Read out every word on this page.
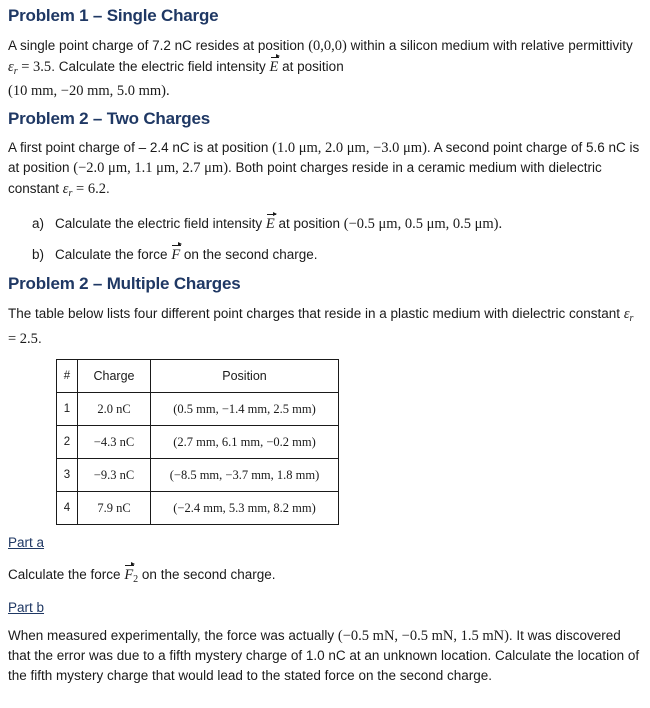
Problem 1 – Single Charge

A single point charge of 7.2 nC resides at position (0,0,0) within a silicon medium with relative permittivity $\varepsilon_r = 3.5$. Calculate the electric field intensity E at position
(10 mm, −20 mm, 5.0 mm).

Problem 2 – Two Charges

A first point charge of – 2.4 nC is at position (1.0 μm, 2.0 μm, −3.0 μm). A second point charge of 5.6 nC is at position (−2.0 μm, 1.1 μm, 2.7 μm). Both point charges reside in a ceramic medium with dielectric constant $\varepsilon_r = 6.2$.

a) Calculate the electric field intensity E at position (−0.5 μm, 0.5 μm, 0.5 μm).
b) Calculate the force F on the second charge.
Problem 2 – Multiple Charges

The table below lists four different point charges that reside in a plastic medium with dielectric constant $\varepsilon_r = 2.5$.

#	Charge	Position
1	2.0 nC	(0.5 mm, −1.4 mm, 2.5 mm)
2	−4.3 nC	(2.7 mm, 6.1 mm, −0.2 mm)
3	−9.3 nC	(−8.5 mm, −3.7 mm, 1.8 mm)
4	7.9 nC	(−2.4 mm, 5.3 mm, 8.2 mm)

Part a

Calculate the force $F_2$ on the second charge.

Part b

When measured experimentally, the force was actually (−0.5 mN, −0.5 mN, 1.5 mN). It was discovered that the error was due to a fifth mystery charge of 1.0 nC at an unknown location. Calculate the location of the fifth mystery charge that would lead to the stated force on the second charge.
